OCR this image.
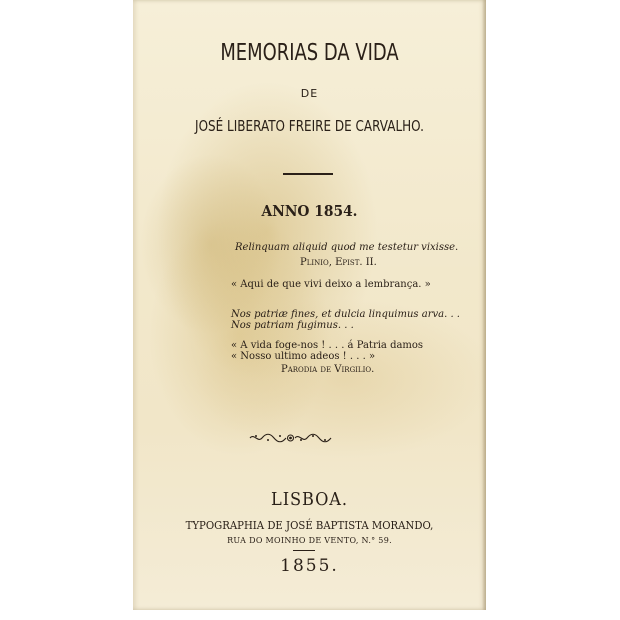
MEMORIAS DA VIDA
DE
JOSÉ LIBERATO FREIRE DE CARVALHO.
ANNO 1854.
Relinquam aliquid quod me testetur vixisse.
Plinio, Epist. II.
« Aqui de que vivi deixo a lembrança. »
Nos patriæ fines, et dulcia linquimus arva. . .
Nos patriam fugimus. . .
« A vida foge-nos ! . . . á Patria damos
« Nosso ultimo adeos ! . . . »
Parodia de Virgilio.
LISBOA.
TYPOGRAPHIA DE JOSÉ BAPTISTA MORANDO,
RUA DO MOINHO DE VENTO, N.° 59.
1855.
